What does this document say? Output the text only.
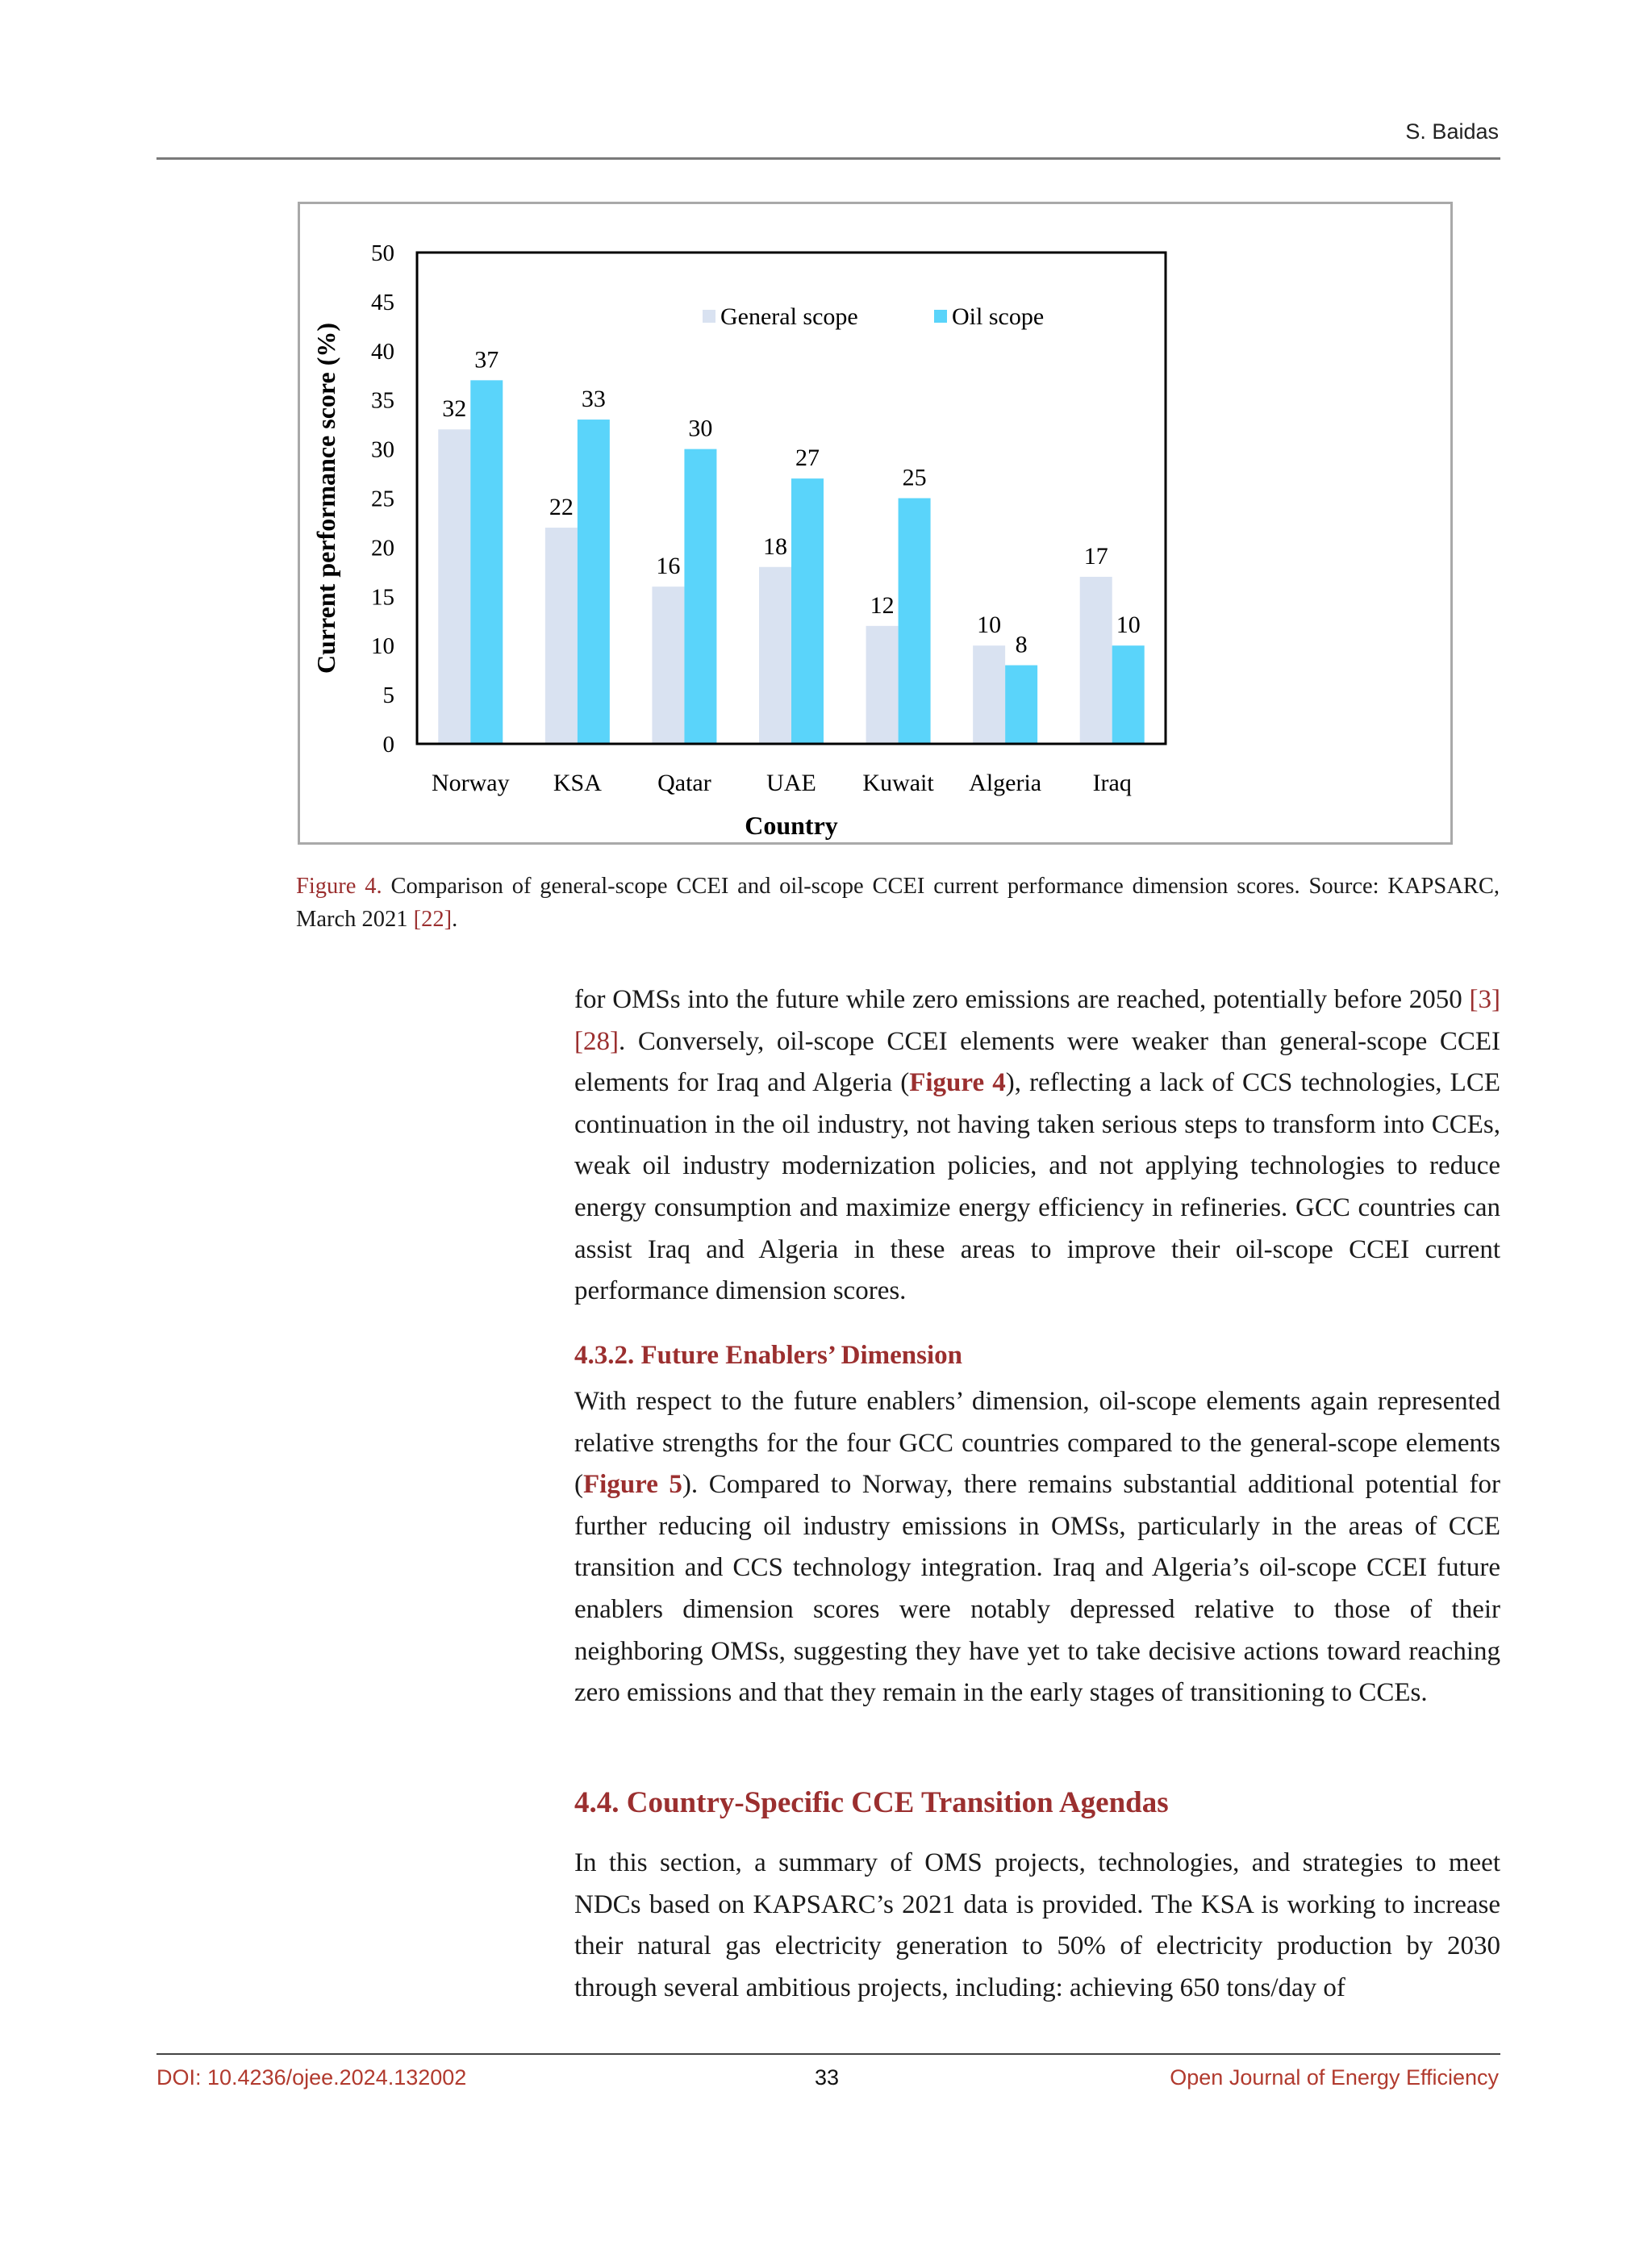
S. Baidas
32
37
22
33
16
30
18
27
12
25
10
8
17
10
0
5
10
15
20
25
30
35
40
45
50
Norway KSA Qatar UAE Kuwait Algeria Iraq
General scope	Oil scope
Current performance score (%)
Country
Figure 4. Comparison of general-scope CCEI and oil-scope CCEI current performance dimension scores. Source: KAPSARC, March 2021 [22].
for OMSs into the future while zero emissions are reached, potentially before 2050 [3] [28]. Conversely, oil-scope CCEI elements were weaker than general-scope CCEI elements for Iraq and Algeria (Figure 4), reflecting a lack of CCS technologies, LCE continuation in the oil industry, not having taken serious steps to transform into CCEs, weak oil industry modernization policies, and not applying technologies to reduce energy consumption and maximize energy efficiency in refineries. GCC countries can assist Iraq and Algeria in these areas to improve their oil-scope CCEI current performance dimension scores.
4.3.2. Future Enablers’ Dimension
With respect to the future enablers’ dimension, oil-scope elements again represented relative strengths for the four GCC countries compared to the general-scope elements (Figure 5). Compared to Norway, there remains substantial additional potential for further reducing oil industry emissions in OMSs, particularly in the areas of CCE transition and CCS technology integration. Iraq and Algeria’s oil-scope CCEI future enablers dimension scores were notably depressed relative to those of their neighboring OMSs, suggesting they have yet to take decisive actions toward reaching zero emissions and that they remain in the early stages of transitioning to CCEs.
4.4. Country-Specific CCE Transition Agendas
In this section, a summary of OMS projects, technologies, and strategies to meet NDCs based on KAPSARC’s 2021 data is provided. The KSA is working to increase their natural gas electricity generation to 50% of electricity production by 2030 through several ambitious projects, including: achieving 650 tons/day of
DOI: 10.4236/ojee.2024.132002	33	Open Journal of Energy Efficiency
